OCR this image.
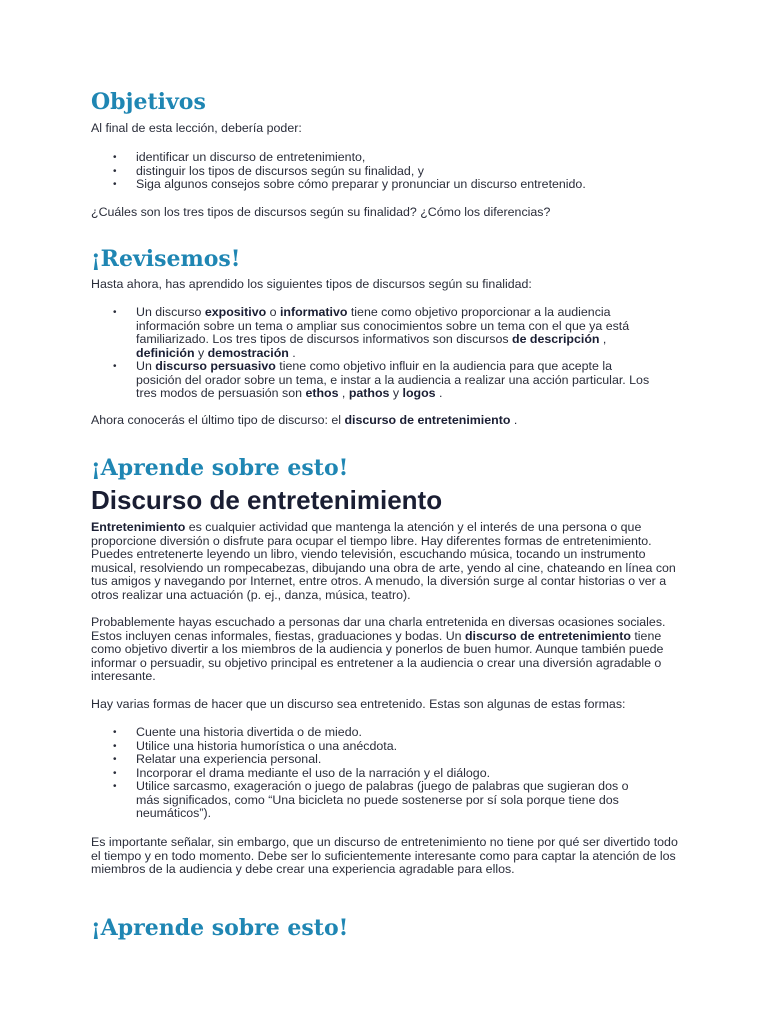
Objetivos

Al final de esta lección, debería poder:

• identificar un discurso de entretenimiento,
• distinguir los tipos de discursos según su finalidad, y
• Siga algunos consejos sobre cómo preparar y pronunciar un discurso entretenido.

¿Cuáles son los tres tipos de discursos según su finalidad? ¿Cómo los diferencias?

¡Revisemos!

Hasta ahora, has aprendido los siguientes tipos de discursos según su finalidad:

• Un discurso expositivo o informativo tiene como objetivo proporcionar a la audiencia información sobre un tema o ampliar sus conocimientos sobre un tema con el que ya está familiarizado. Los tres tipos de discursos informativos son discursos de descripción , definición y demostración .
• Un discurso persuasivo tiene como objetivo influir en la audiencia para que acepte la posición del orador sobre un tema, e instar a la audiencia a realizar una acción particular. Los tres modos de persuasión son ethos , pathos y logos .

Ahora conocerás el último tipo de discurso: el discurso de entretenimiento .

¡Aprende sobre esto!
Discurso de entretenimiento

Entretenimiento es cualquier actividad que mantenga la atención y el interés de una persona o que proporcione diversión o disfrute para ocupar el tiempo libre. Hay diferentes formas de entretenimiento. Puedes entretenerte leyendo un libro, viendo televisión, escuchando música, tocando un instrumento musical, resolviendo un rompecabezas, dibujando una obra de arte, yendo al cine, chateando en línea con tus amigos y navegando por Internet, entre otros. A menudo, la diversión surge al contar historias o ver a otros realizar una actuación (p. ej., danza, música, teatro).

Probablemente hayas escuchado a personas dar una charla entretenida en diversas ocasiones sociales. Estos incluyen cenas informales, fiestas, graduaciones y bodas. Un discurso de entretenimiento tiene como objetivo divertir a los miembros de la audiencia y ponerlos de buen humor. Aunque también puede informar o persuadir, su objetivo principal es entretener a la audiencia o crear una diversión agradable o interesante.

Hay varias formas de hacer que un discurso sea entretenido. Estas son algunas de estas formas:

• Cuente una historia divertida o de miedo.
• Utilice una historia humorística o una anécdota.
• Relatar una experiencia personal.
• Incorporar el drama mediante el uso de la narración y el diálogo.
• Utilice sarcasmo, exageración o juego de palabras (juego de palabras que sugieran dos o más significados, como “Una bicicleta no puede sostenerse por sí sola porque tiene dos neumáticos”).

Es importante señalar, sin embargo, que un discurso de entretenimiento no tiene por qué ser divertido todo el tiempo y en todo momento. Debe ser lo suficientemente interesante como para captar la atención de los miembros de la audiencia y debe crear una experiencia agradable para ellos.

¡Aprende sobre esto!
